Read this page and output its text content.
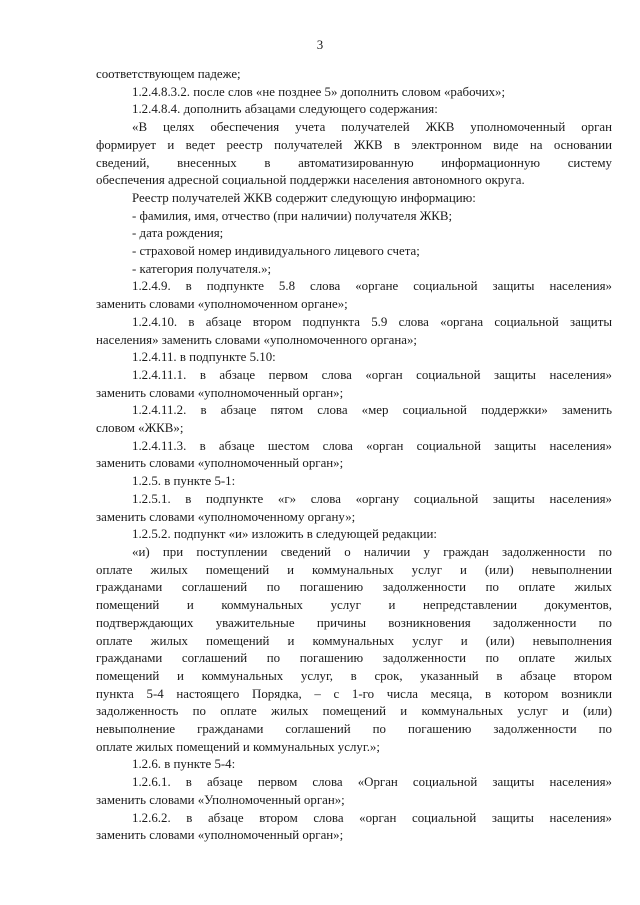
3

соответствующем падеже;

1.2.4.8.3.2. после слов «не позднее 5» дополнить словом «рабочих»;

1.2.4.8.4. дополнить абзацами следующего содержания:

«В целях обеспечения учета получателей ЖКВ уполномоченный орган

формирует и ведет реестр получателей ЖКВ в электронном виде на основании

сведений, внесенных в автоматизированную информационную систему

обеспечения адресной социальной поддержки населения автономного округа.

Реестр получателей ЖКВ содержит следующую информацию:

- фамилия, имя, отчество (при наличии) получателя ЖКВ;

- дата рождения;

- страховой номер индивидуального лицевого счета;

- категория получателя.»;

1.2.4.9. в подпункте 5.8 слова «органе социальной защиты населения»

заменить словами «уполномоченном органе»;

1.2.4.10. в абзаце втором подпункта 5.9 слова «органа социальной защиты

населения» заменить словами «уполномоченного органа»;

1.2.4.11. в подпункте 5.10:

1.2.4.11.1. в абзаце первом слова «орган социальной защиты населения»

заменить словами «уполномоченный орган»;

1.2.4.11.2. в абзаце пятом слова «мер социальной поддержки» заменить

словом «ЖКВ»;

1.2.4.11.3. в абзаце шестом слова «орган социальной защиты населения»

заменить словами «уполномоченный орган»;

1.2.5. в пункте 5-1:

1.2.5.1. в подпункте «г» слова «органу социальной защиты населения»

заменить словами «уполномоченному органу»;

1.2.5.2. подпункт «и» изложить в следующей редакции:

«и) при поступлении сведений о наличии у граждан задолженности по

оплате жилых помещений и коммунальных услуг и (или) невыполнении

гражданами соглашений по погашению задолженности по оплате жилых

помещений и коммунальных услуг и непредставлении документов,

подтверждающих уважительные причины возникновения задолженности по

оплате жилых помещений и коммунальных услуг и (или) невыполнения

гражданами соглашений по погашению задолженности по оплате жилых

помещений и коммунальных услуг, в срок, указанный в абзаце втором

пункта 5-4 настоящего Порядка, – с 1-го числа месяца, в котором возникли

задолженность по оплате жилых помещений и коммунальных услуг и (или)

невыполнение гражданами соглашений по погашению задолженности по

оплате жилых помещений и коммунальных услуг.»;

1.2.6. в пункте 5-4:

1.2.6.1. в абзаце первом слова «Орган социальной защиты населения»

заменить словами «Уполномоченный орган»;

1.2.6.2. в абзаце втором слова «орган социальной защиты населения»

заменить словами «уполномоченный орган»;
